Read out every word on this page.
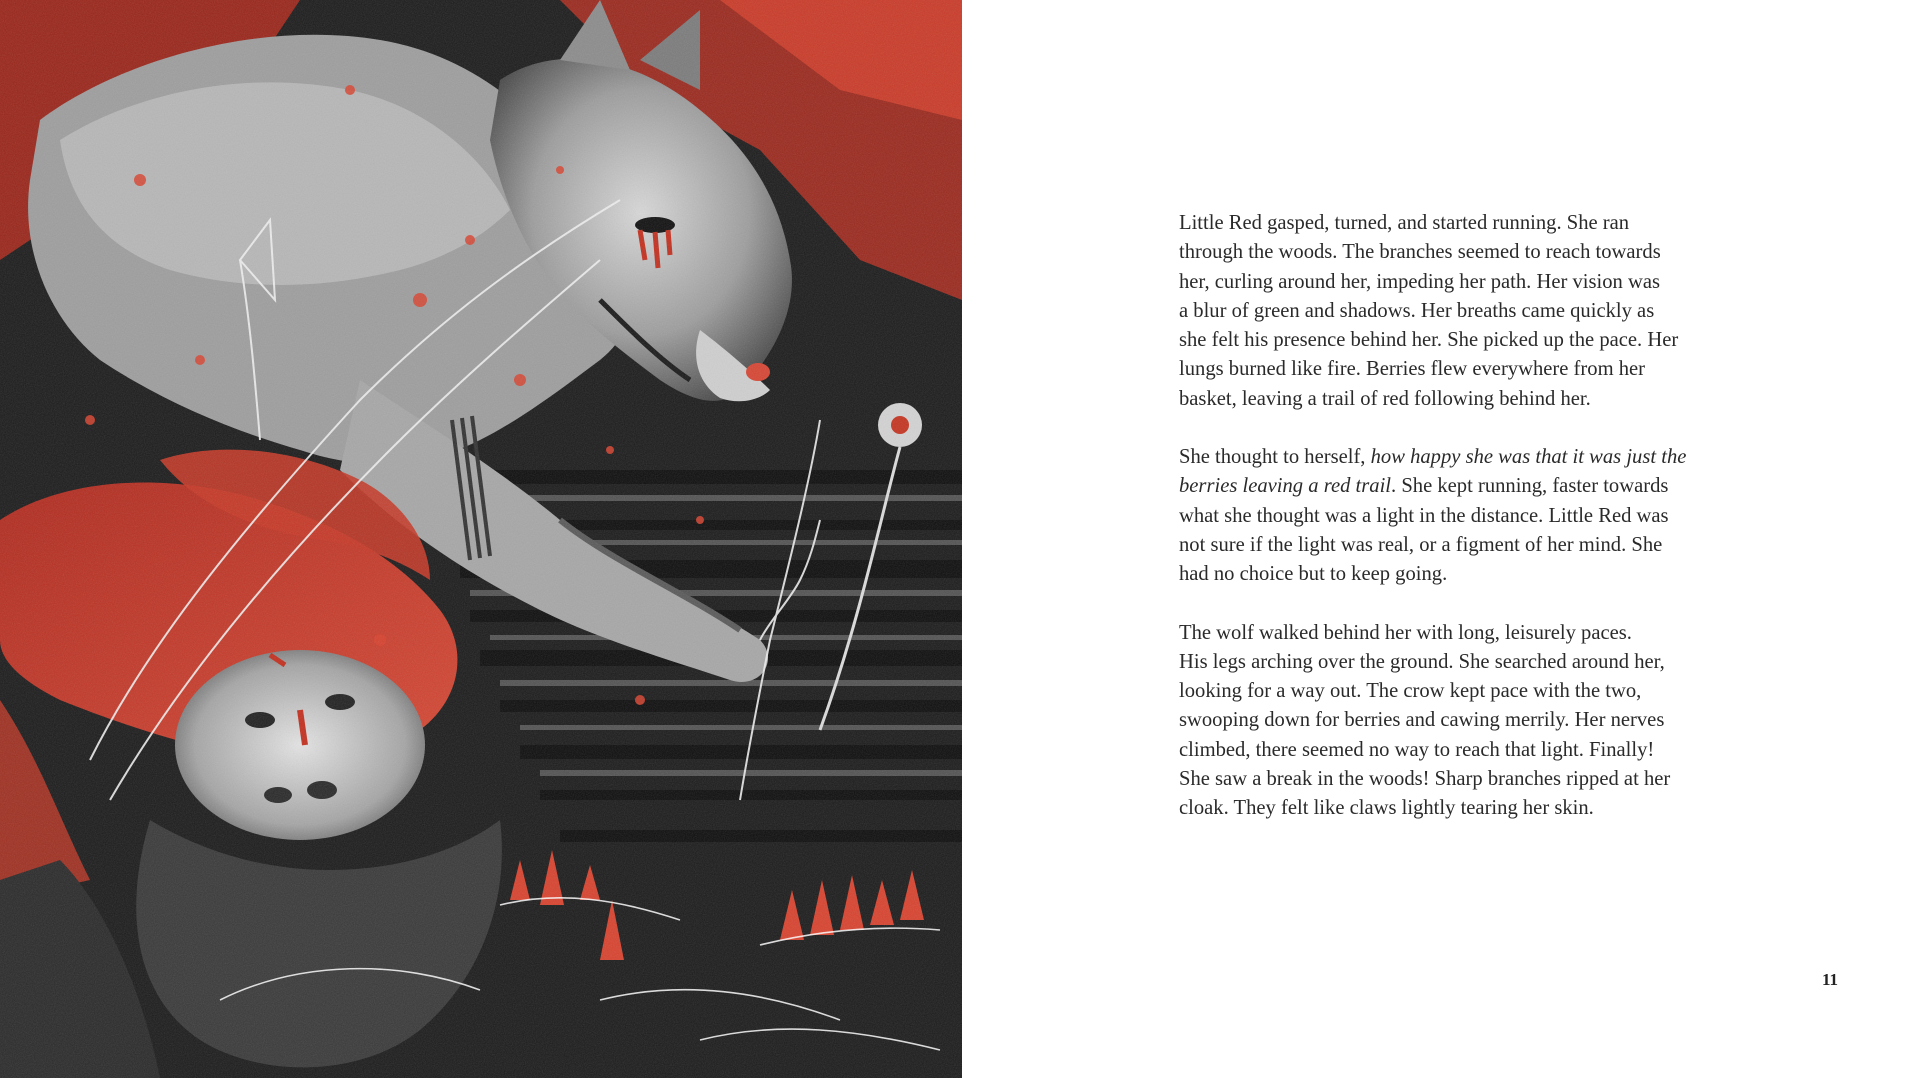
Little Red gasped, turned, and started running. She ran
through the woods. The branches seemed to reach towards
her, curling around her, impeding her path. Her vision was
a blur of green and shadows. Her breaths came quickly as
she felt his presence behind her. She picked up the pace. Her
lungs burned like fire. Berries flew everywhere from her
basket, leaving a trail of red following behind her.

She thought to herself, how happy she was that it was just the
berries leaving a red trail. She kept running, faster towards
what she thought was a light in the distance. Little Red was
not sure if the light was real, or a figment of her mind. She
had no choice but to keep going.

The wolf walked behind her with long, leisurely paces.
His legs arching over the ground. She searched around her,
looking for a way out. The crow kept pace with the two,
swooping down for berries and cawing merrily. Her nerves
climbed, there seemed no way to reach that light. Finally!
She saw a break in the woods! Sharp branches ripped at her
cloak. They felt like claws lightly tearing her skin.

11
